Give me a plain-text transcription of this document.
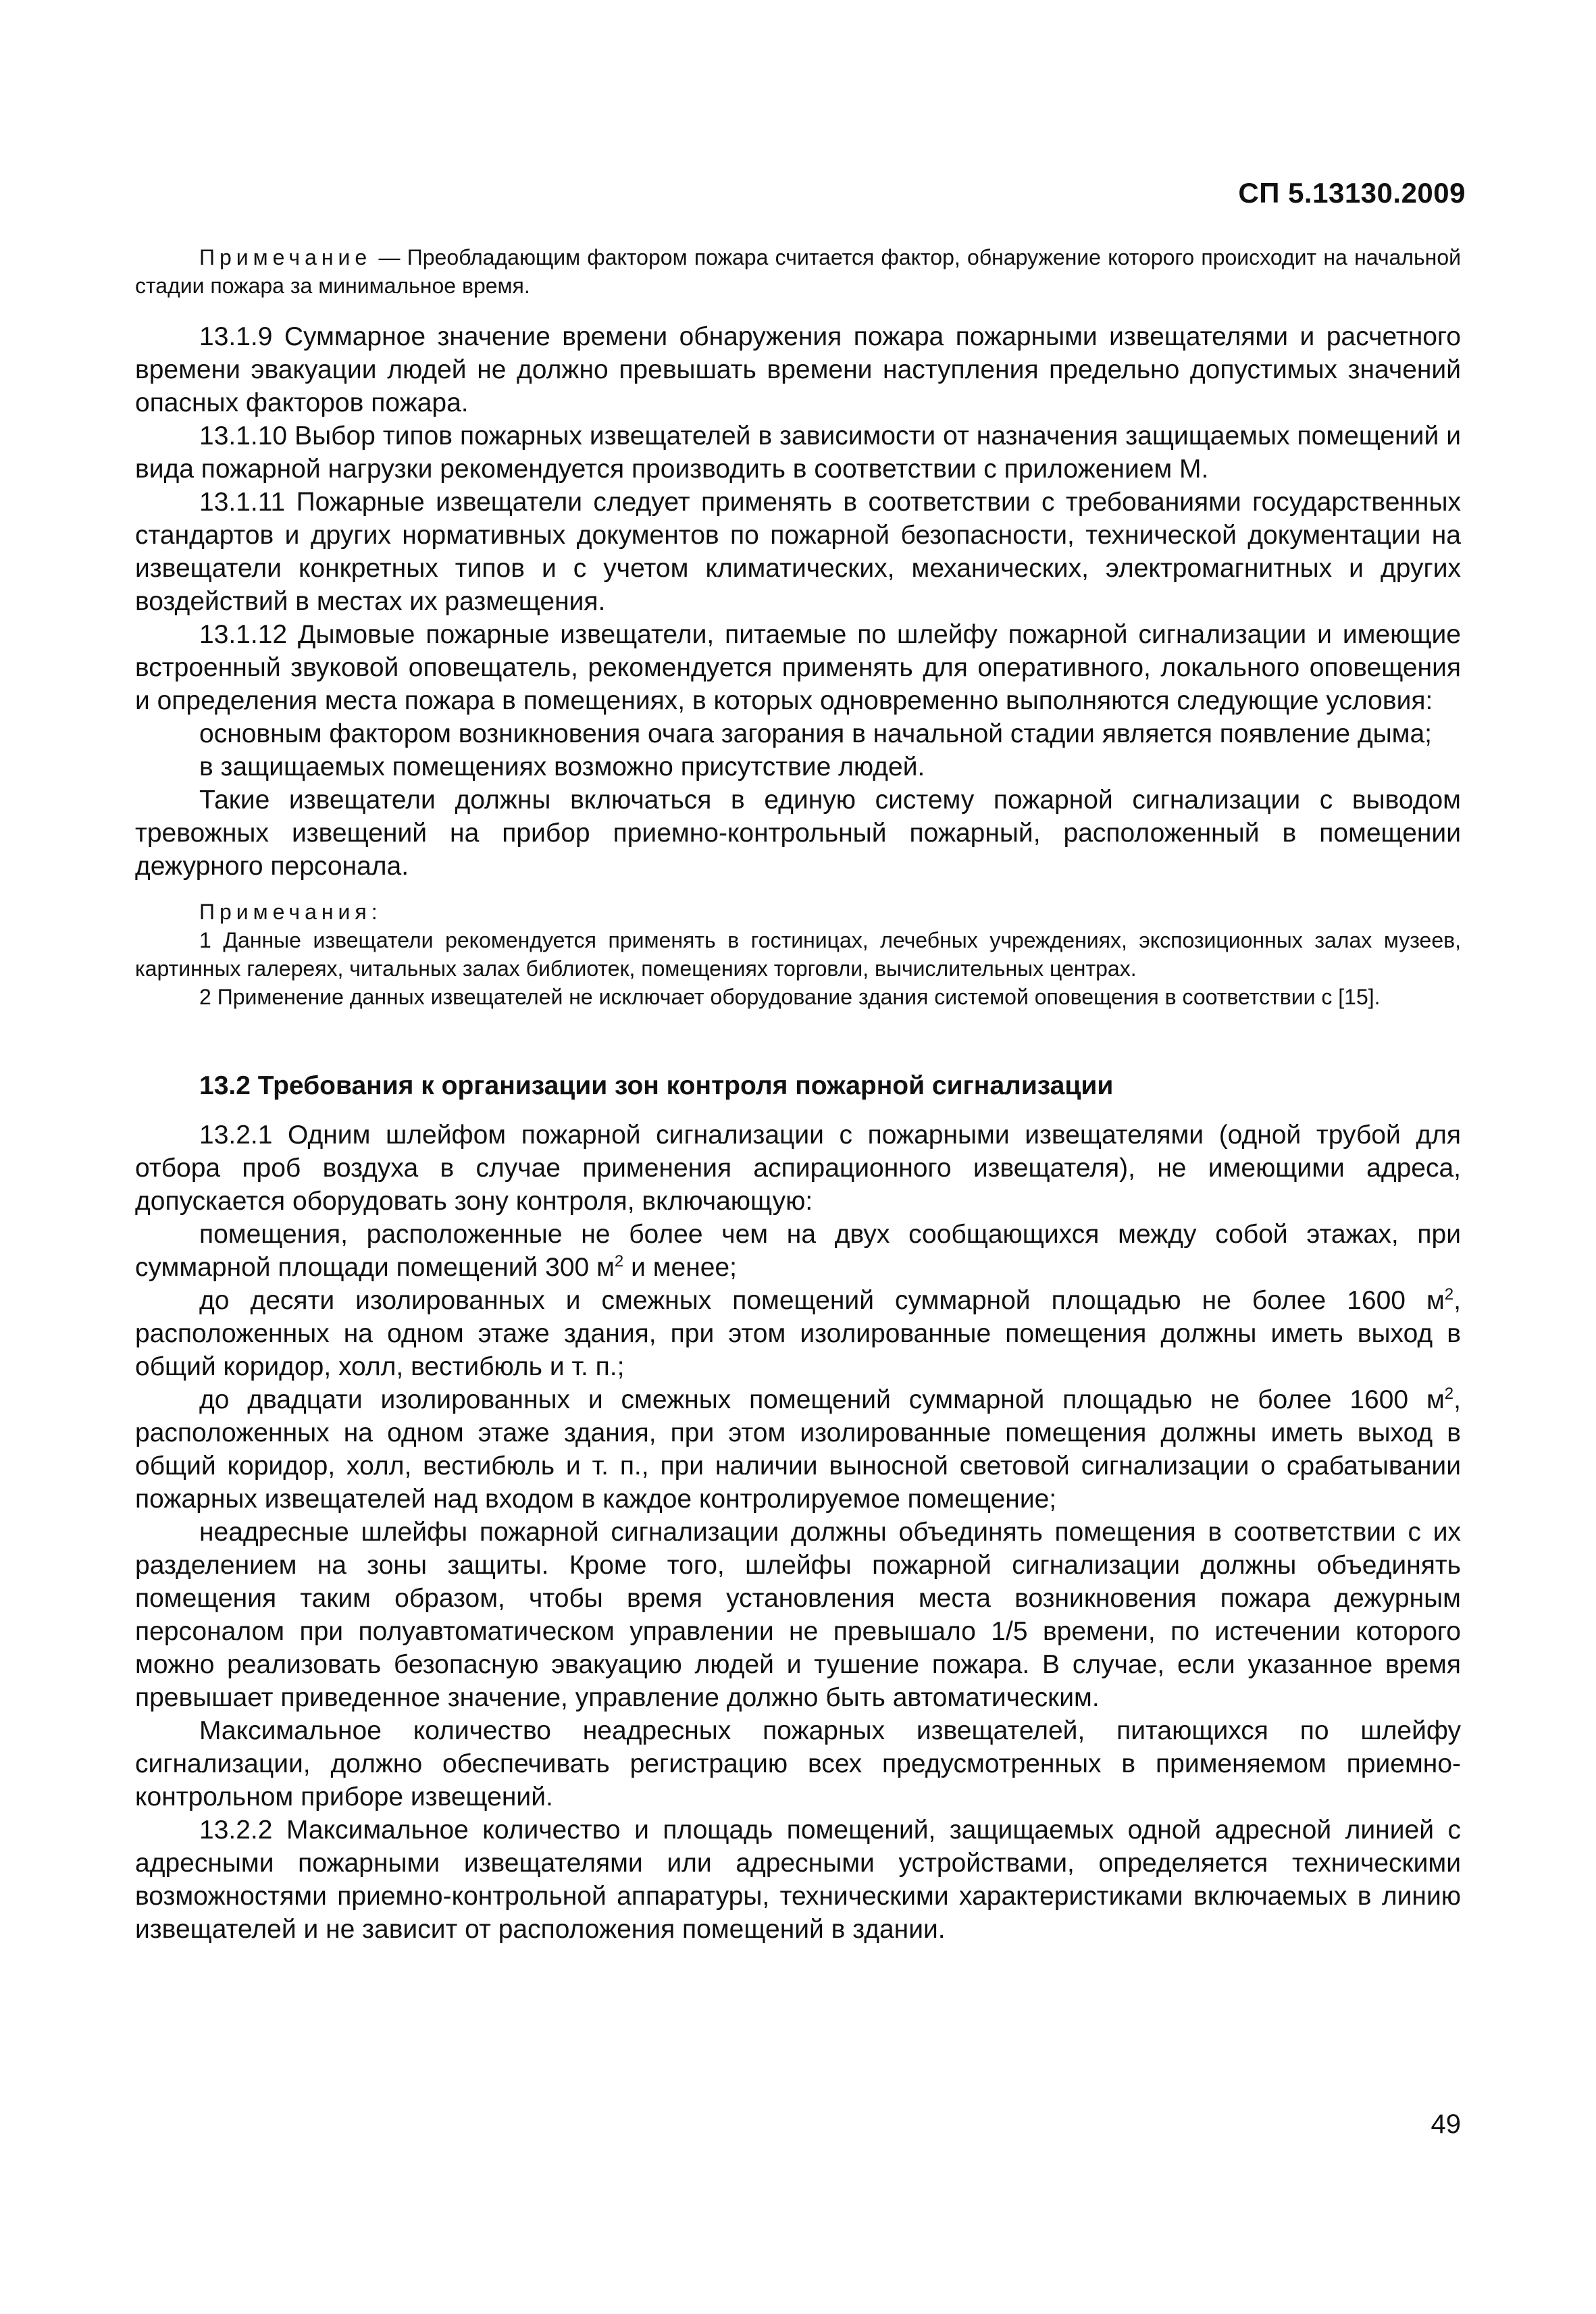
СП 5.13130.2009

Примечание — Преобладающим фактором пожара считается фактор, обнаружение которого происходит на начальной стадии пожара за минимальное время.

13.1.9 Суммарное значение времени обнаружения пожара пожарными извещателями и расчетного времени эвакуации людей не должно превышать времени наступления предельно допустимых значений опасных факторов пожара.

13.1.10 Выбор типов пожарных извещателей в зависимости от назначения защищаемых помещений и вида пожарной нагрузки рекомендуется производить в соответствии с приложением М.

13.1.11 Пожарные извещатели следует применять в соответствии с требованиями государственных стандартов и других нормативных документов по пожарной безопасности, технической документации на извещатели конкретных типов и с учетом климатических, механических, электромагнитных и других воздействий в местах их размещения.

13.1.12 Дымовые пожарные извещатели, питаемые по шлейфу пожарной сигнализации и имеющие встроенный звуковой оповещатель, рекомендуется применять для оперативного, локального оповещения и определения места пожара в помещениях, в которых одновременно выполняются следующие условия:

основным фактором возникновения очага загорания в начальной стадии является появление дыма;

в защищаемых помещениях возможно присутствие людей.

Такие извещатели должны включаться в единую систему пожарной сигнализации с выводом тревожных извещений на прибор приемно-контрольный пожарный, расположенный в помещении дежурного персонала.

Примечания:

1 Данные извещатели рекомендуется применять в гостиницах, лечебных учреждениях, экспозиционных залах музеев, картинных галереях, читальных залах библиотек, помещениях торговли, вычислительных центрах.

2 Применение данных извещателей не исключает оборудование здания системой оповещения в соответствии с [15].

13.2 Требования к организации зон контроля пожарной сигнализации

13.2.1 Одним шлейфом пожарной сигнализации с пожарными извещателями (одной трубой для отбора проб воздуха в случае применения аспирационного извещателя), не имеющими адреса, допускается оборудовать зону контроля, включающую:

помещения, расположенные не более чем на двух сообщающихся между собой этажах, при суммарной площади помещений 300 $м^2$ и менее;

до десяти изолированных и смежных помещений суммарной площадью не более 1600 $м^2$, расположенных на одном этаже здания, при этом изолированные помещения должны иметь выход в общий коридор, холл, вестибюль и т. п.;

до двадцати изолированных и смежных помещений суммарной площадью не более 1600 $м^2$, расположенных на одном этаже здания, при этом изолированные помещения должны иметь выход в общий коридор, холл, вестибюль и т. п., при наличии выносной световой сигнализации о срабатывании пожарных извещателей над входом в каждое контролируемое помещение;

неадресные шлейфы пожарной сигнализации должны объединять помещения в соответствии с их разделением на зоны защиты. Кроме того, шлейфы пожарной сигнализации должны объединять помещения таким образом, чтобы время установления места возникновения пожара дежурным персоналом при полуавтоматическом управлении не превышало 1/5 времени, по истечении которого можно реализовать безопасную эвакуацию людей и тушение пожара. В случае, если указанное время превышает приведенное значение, управление должно быть автоматическим.

Максимальное количество неадресных пожарных извещателей, питающихся по шлейфу сигнализации, должно обеспечивать регистрацию всех предусмотренных в применяемом приемно-контрольном приборе извещений.

13.2.2 Максимальное количество и площадь помещений, защищаемых одной адресной линией с адресными пожарными извещателями или адресными устройствами, определяется техническими возможностями приемно-контрольной аппаратуры, техническими характеристиками включаемых в линию извещателей и не зависит от расположения помещений в здании.

49
